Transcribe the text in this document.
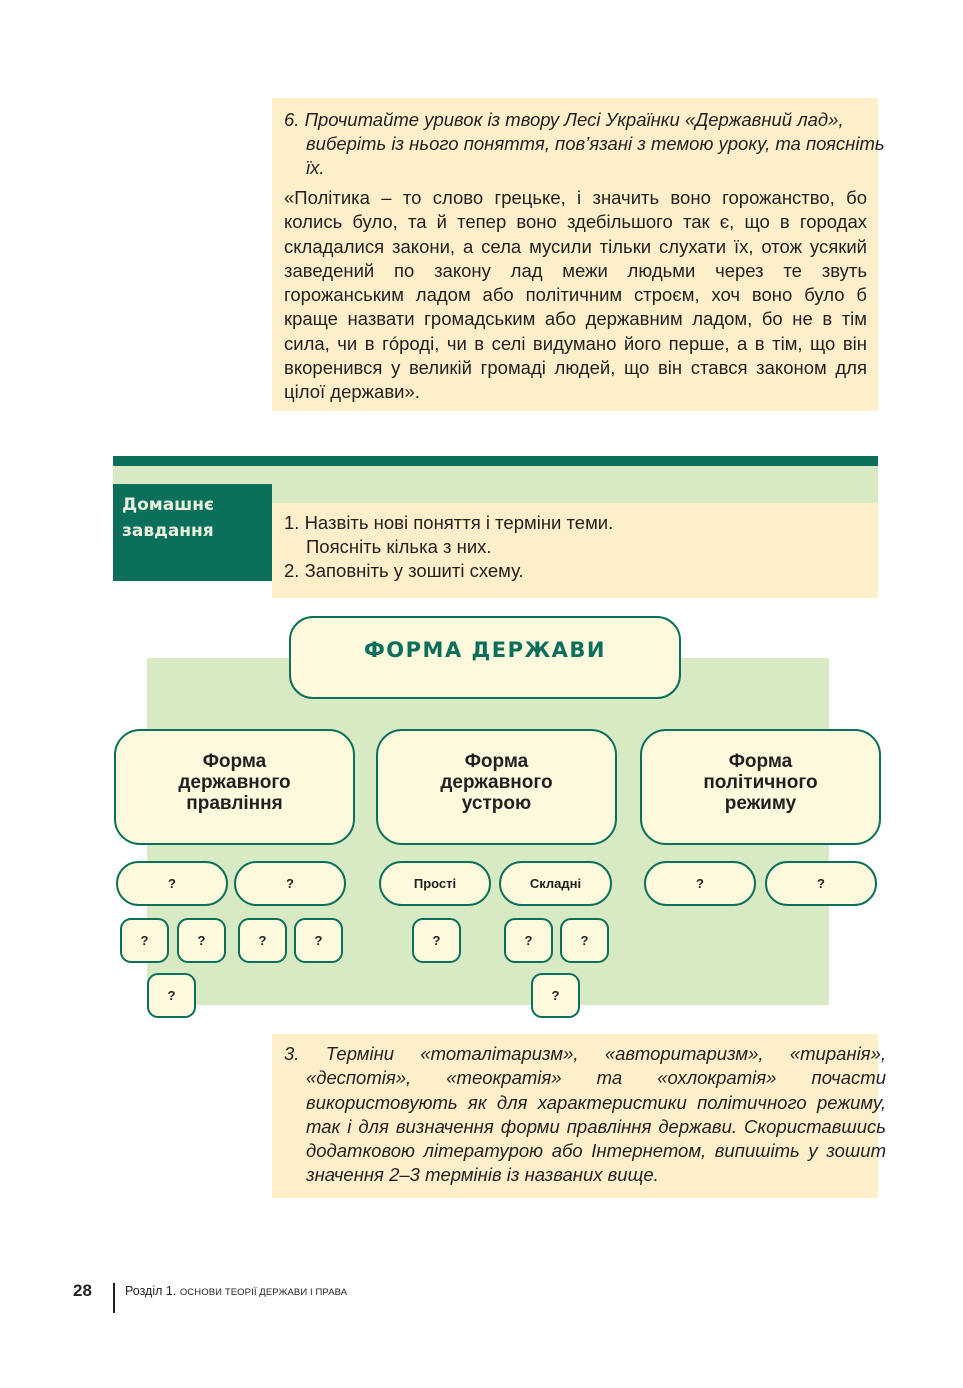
6. Прочитайте уривок із твору Лесі Українки «Державний лад», виберіть із нього поняття, пов’язані з темою уроку, та поясніть їх.
«Політика – то слово грецьке, і значить воно горожанство, бо колись було, та й тепер воно здебільшого так є, що в городах складалися закони, а села мусили тільки слухати їх, отож усякий заведений по закону лад межи людьми через те звуть горожанським ладом або політичним строєм, хоч воно було б краще назвати громадським або державним ладом, бо не в тім сила, чи в гóроді, чи в селі видумано його перше, а в тім, що він вкоренився у великій громаді людей, що він стався законом для цілої держави».
Домашнє
завдання	1. Назвіть нові поняття і терміни теми.
Поясніть кілька з них.
2. Заповніть у зошиті схему.
ФОРМА ДЕРЖАВИ
Форма
державного
правління
Форма
державного
устрою
Форма
політичного
режиму
?	?	Прості	Складні	?	?
?	?	?	?	?	?	?
?	?
3. Терміни «тоталітаризм», «авторитаризм», «тиранія», «деспотія», «теократія» та «охлократія» почасти використовують як для характеристики політичного режиму, так і для визначення форми правління держави. Скориставшись додатковою літературою або Інтернетом, випишіть у зошит значення 2–3 термінів із названих вище.
28	Розділ 1. ОСНОВИ ТЕОРІЇ ДЕРЖАВИ І ПРАВА
